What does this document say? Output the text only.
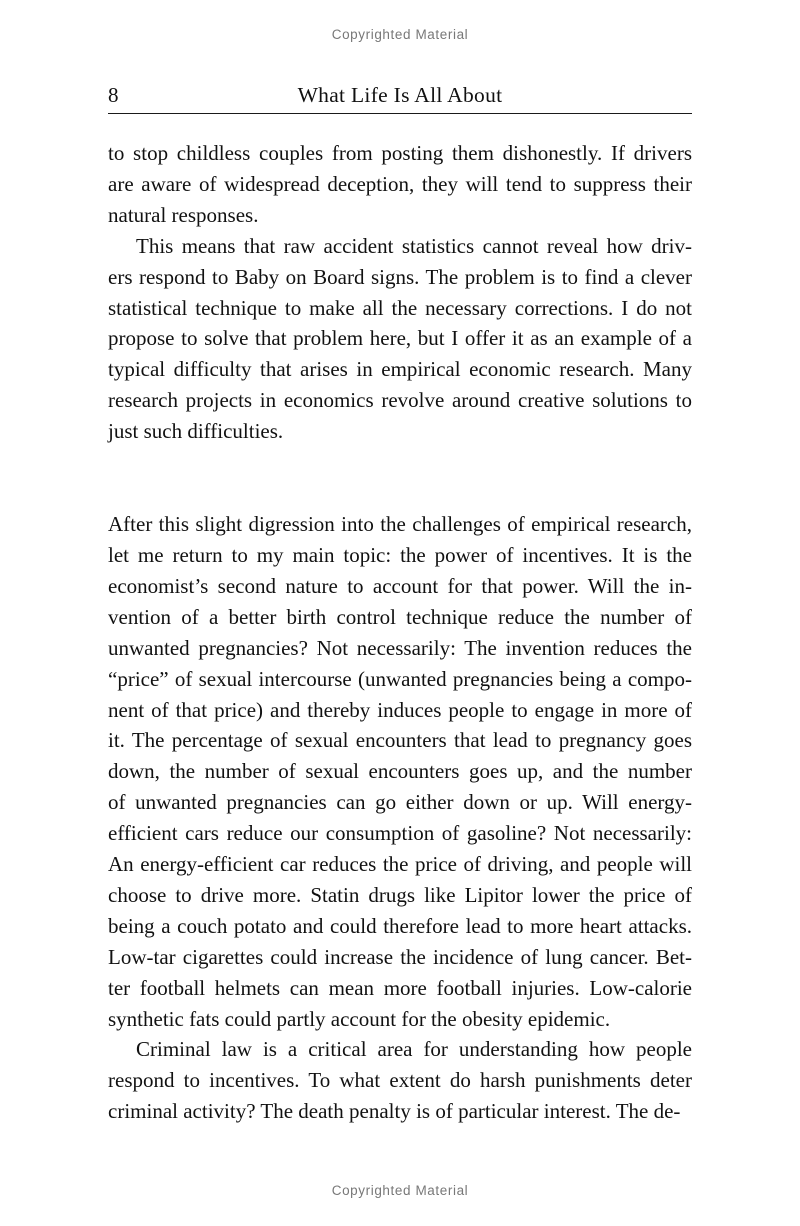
Copyrighted Material
8	What Life Is All About
to stop childless couples from posting them dishonestly. If drivers
are aware of widespread deception, they will tend to suppress their
natural responses.
This means that raw accident statistics cannot reveal how driv-
ers respond to Baby on Board signs. The problem is to find a clever
statistical technique to make all the necessary corrections. I do not
propose to solve that problem here, but I offer it as an example of a
typical difficulty that arises in empirical economic research. Many
research projects in economics revolve around creative solutions to
just such difficulties.
After this slight digression into the challenges of empirical research,
let me return to my main topic: the power of incentives. It is the
economist’s second nature to account for that power. Will the in-
vention of a better birth control technique reduce the number of
unwanted pregnancies? Not necessarily: The invention reduces the
“price” of sexual intercourse (unwanted pregnancies being a compo-
nent of that price) and thereby induces people to engage in more of
it. The percentage of sexual encounters that lead to pregnancy goes
down, the number of sexual encounters goes up, and the number
of unwanted pregnancies can go either down or up. Will energy-
efficient cars reduce our consumption of gasoline? Not necessarily:
An energy-efficient car reduces the price of driving, and people will
choose to drive more. Statin drugs like Lipitor lower the price of
being a couch potato and could therefore lead to more heart attacks.
Low-tar cigarettes could increase the incidence of lung cancer. Bet-
ter football helmets can mean more football injuries. Low-calorie
synthetic fats could partly account for the obesity epidemic.
Criminal law is a critical area for understanding how people
respond to incentives. To what extent do harsh punishments deter
criminal activity? The death penalty is of particular interest. The de-
Copyrighted Material
